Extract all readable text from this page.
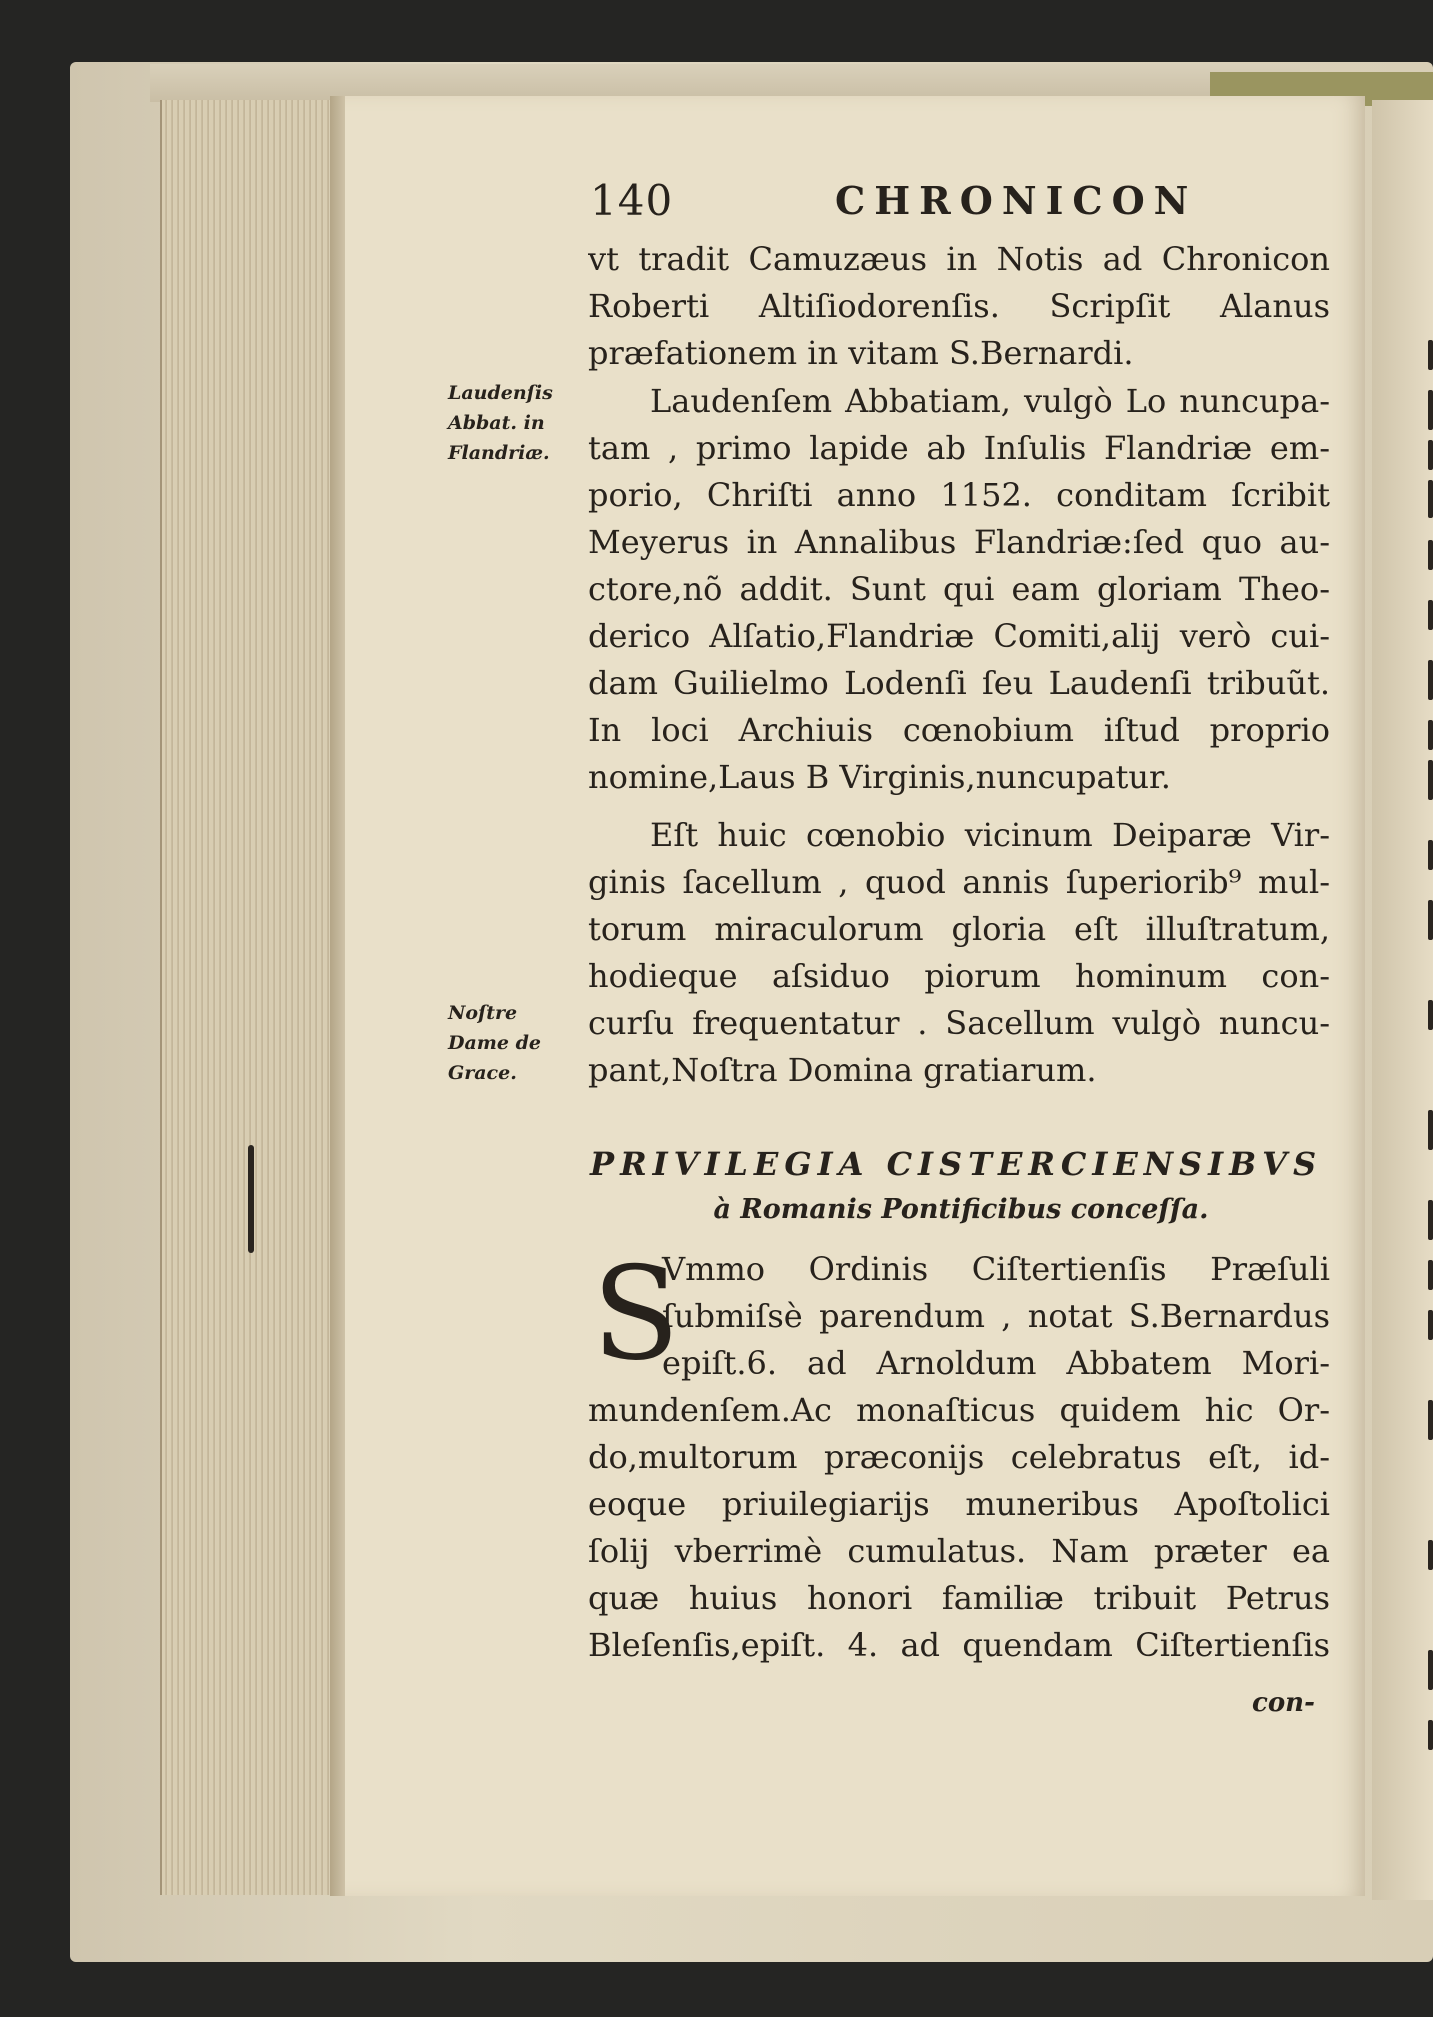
140	CHRONICON
vt tradit Camuzæus in Notis ad Chronicon
Roberti Altiſiodorenſis. Scripſit Alanus
præfationem in vitam S.Bernardi.
Laudenſem Abbatiam, vulgò Lo nuncupa-
tam , primo lapide ab Inſulis Flandriæ em-
porio, Chriſti anno 1152. conditam ſcribit
Meyerus in Annalibus Flandriæ:ſed quo au-
ctore,nõ addit. Sunt qui eam gloriam Theo-
derico Alſatio,Flandriæ Comiti,alij verò cui-
dam Guilielmo Lodenſi ſeu Laudenſi tribuũt.
In loci Archiuis cœnobium iſtud proprio
nomine,Laus B Virginis,nuncupatur.
Eſt huic cœnobio vicinum Deiparæ Vir-
ginis ſacellum , quod annis ſuperiorib⁹ mul-
torum miraculorum gloria eſt illuſtratum,
hodieque aſsiduo piorum hominum con-
curſu frequentatur . Sacellum vulgò nuncu-
pant,Noſtra Domina gratiarum.
Laudenſis
Abbat. in
Flandriæ.
Noſtre
Dame de
Grace.
PRIVILEGIA CISTERCIENSIBVS
à Romanis Pontificibus conceſſa.
S
Vmmo Ordinis Ciſtertienſis Præſuli
ſubmiſsè parendum , notat S.Bernardus
epiſt.6. ad Arnoldum Abbatem Mori-
mundenſem.Ac monaſticus quidem hic Or-
do,multorum præconijs celebratus eſt, id-
eoque priuilegiarijs muneribus Apoſtolici
ſolij vberrimè cumulatus. Nam præter ea
quæ huius honori familiæ tribuit Petrus
Bleſenſis,epiſt. 4. ad quendam Ciſtertienſis
con-
